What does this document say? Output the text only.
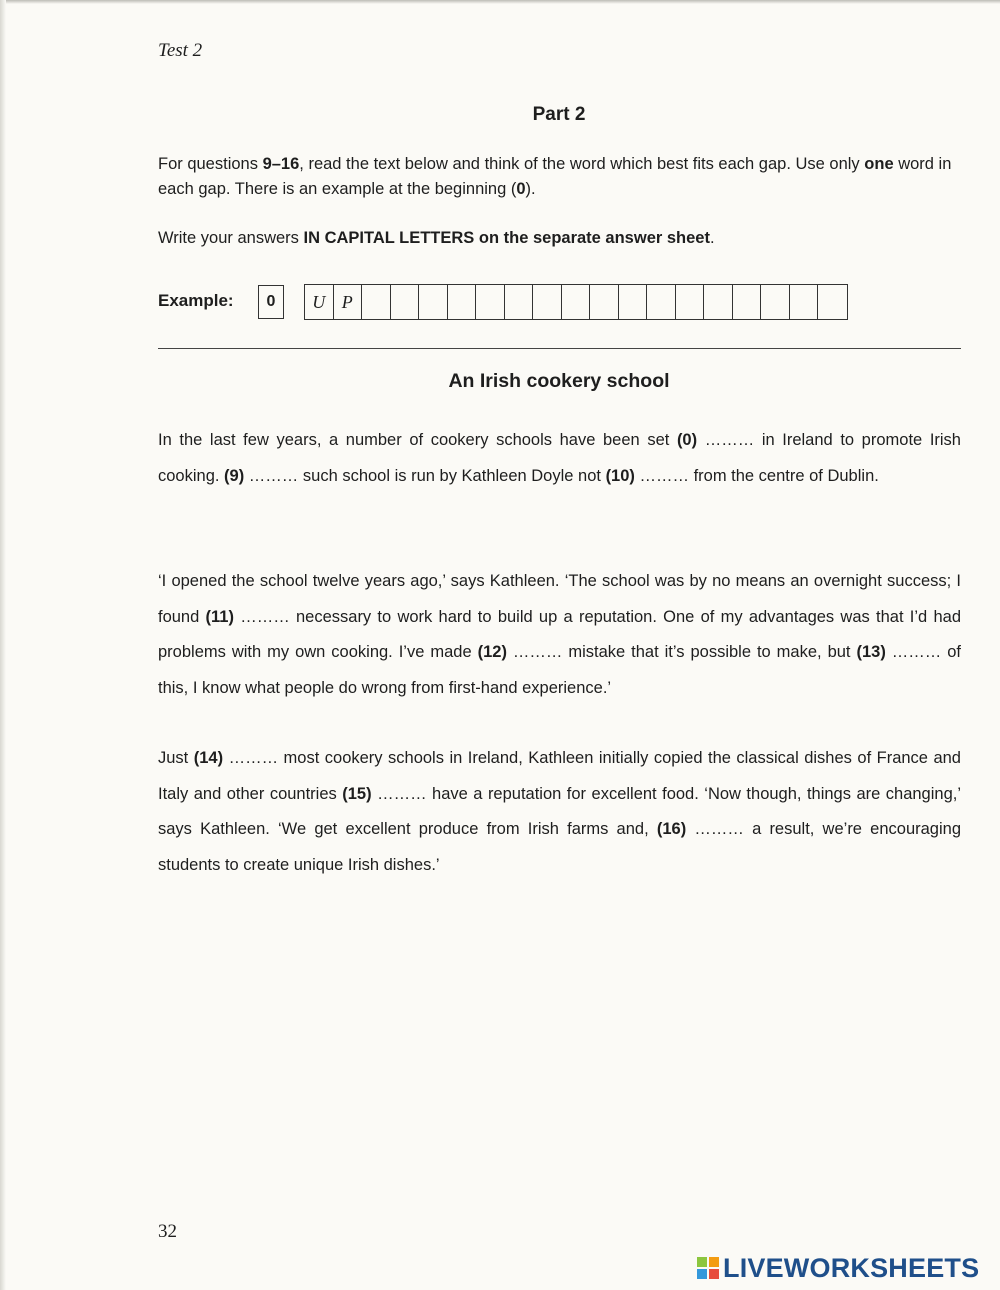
Test 2
Part 2

For questions 9–16, read the text below and think of the word which best fits each gap. Use only one word in each gap. There is an example at the beginning (0).

Write your answers IN CAPITAL LETTERS on the separate answer sheet.

Example:	0	U P
An Irish cookery school

In the last few years, a number of cookery schools have been set (0) ……… in Ireland to promote Irish cooking. (9) ……… such school is run by Kathleen Doyle not (10) ……… from the centre of Dublin.

‘I opened the school twelve years ago,’ says Kathleen. ‘The school was by no means an overnight success; I found (11) ……… necessary to work hard to build up a reputation. One of my advantages was that I’d had problems with my own cooking. I’ve made (12) ……… mistake that it’s possible to make, but (13) ……… of this, I know what people do wrong from first-hand experience.’

Just (14) ……… most cookery schools in Ireland, Kathleen initially copied the classical dishes of France and Italy and other countries (15) ……… have a reputation for excellent food. ‘Now though, things are changing,’ says Kathleen. ‘We get excellent produce from Irish farms and, (16) ……… a result, we’re encouraging students to create unique Irish dishes.’

32
LIVEWORKSHEETS
